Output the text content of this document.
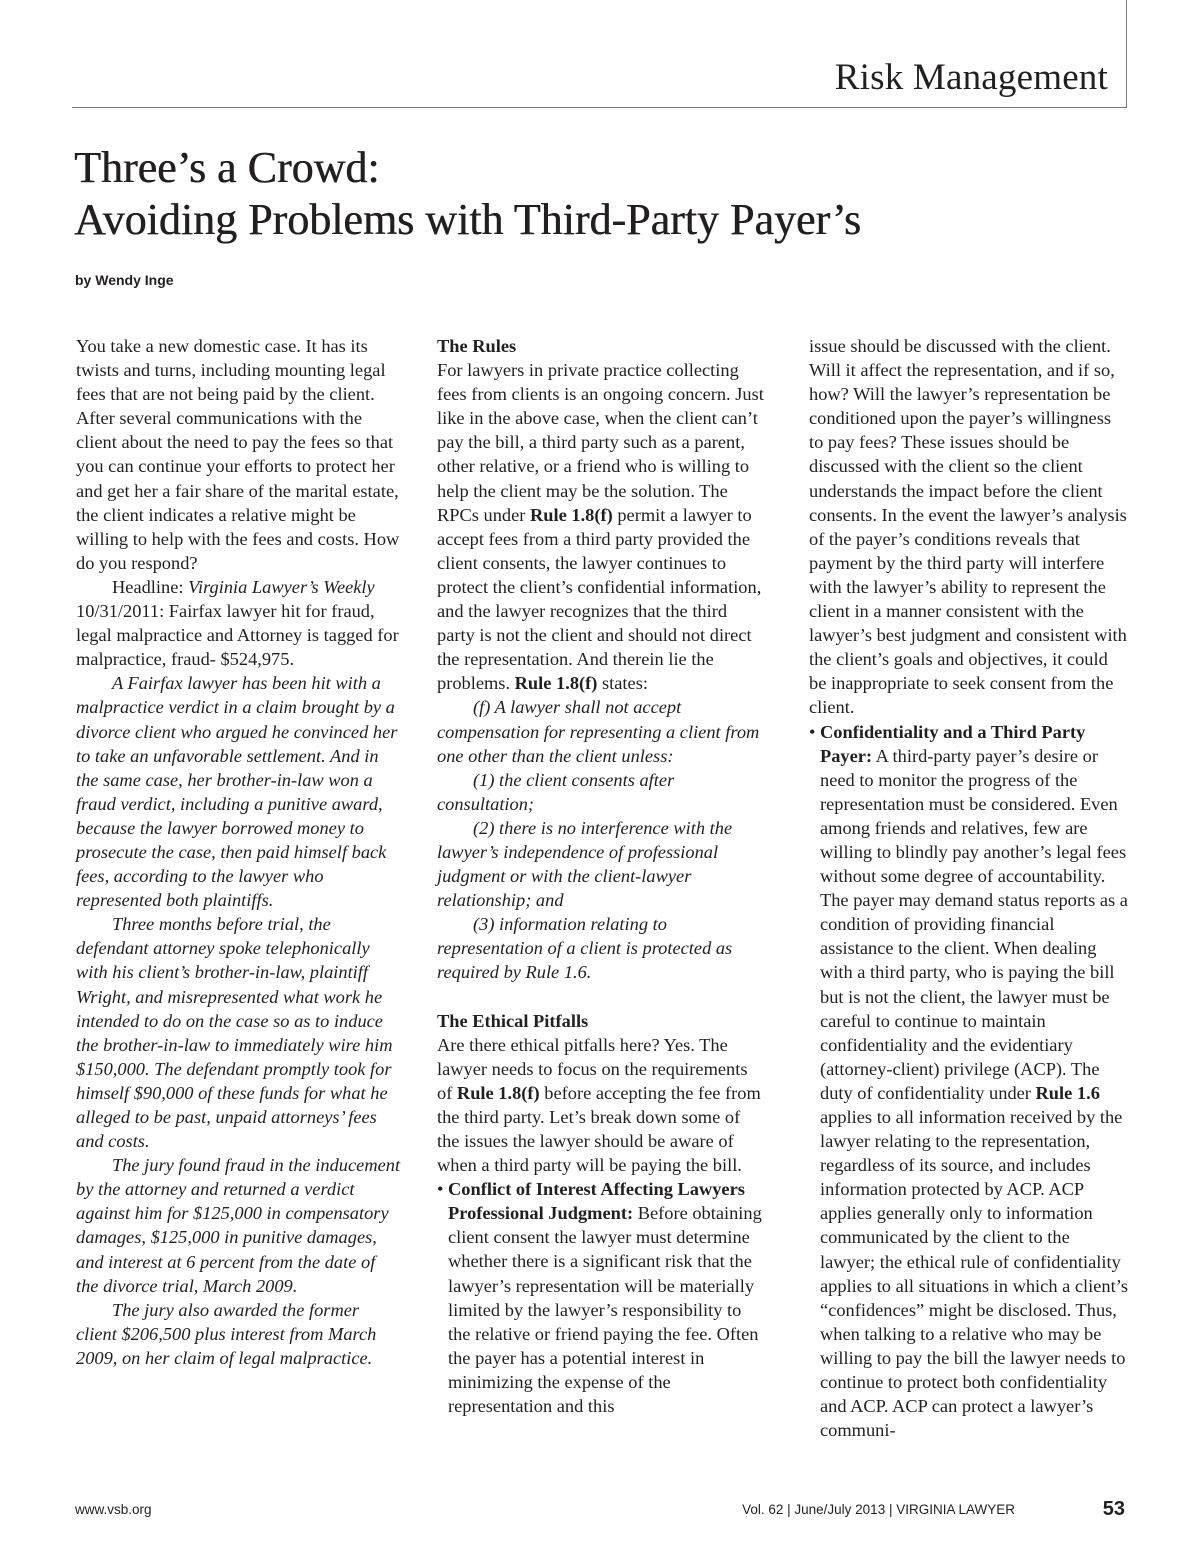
Risk Management
Three’s a Crowd:
Avoiding Problems with Third-Party Payer’s
by Wendy Inge

You take a new domestic case. It has its twists and turns, including mounting legal fees that are not being paid by the client. After several communications with the client about the need to pay the fees so that you can continue your efforts to protect her and get her a fair share of the marital estate, the client indicates a relative might be willing to help with the fees and costs. How do you respond?

Headline: Virginia Lawyer’s Weekly 10/31/2011: Fairfax lawyer hit for fraud, legal malpractice and Attorney is tagged for malpractice, fraud- $524,975.

A Fairfax lawyer has been hit with a malpractice verdict in a claim brought by a divorce client who argued he convinced her to take an unfavorable settlement. And in the same case, her brother-in-law won a fraud verdict, including a punitive award, because the lawyer borrowed money to prosecute the case, then paid himself back fees, according to the lawyer who represented both plaintiffs.

Three months before trial, the defendant attorney spoke telephonically with his client’s brother-in-law, plaintiff Wright, and misrepresented what work he intended to do on the case so as to induce the brother-in-law to immediately wire him $150,000. The defendant promptly took for himself $90,000 of these funds for what he alleged to be past, unpaid attorneys’ fees and costs.

The jury found fraud in the inducement by the attorney and returned a verdict against him for $125,000 in compensatory damages, $125,000 in punitive damages, and interest at 6 percent from the date of the divorce trial, March 2009.

The jury also awarded the former client $206,500 plus interest from March 2009, on her claim of legal malpractice.

The Rules

For lawyers in private practice collecting fees from clients is an ongoing concern. Just like in the above case, when the client can’t pay the bill, a third party such as a parent, other relative, or a friend who is willing to help the client may be the solution. The RPCs under Rule 1.8(f) permit a lawyer to accept fees from a third party provided the client consents, the lawyer continues to protect the client’s confidential information, and the lawyer recognizes that the third party is not the client and should not direct the representation. And therein lie the problems. Rule 1.8(f) states:

(f) A lawyer shall not accept compensation for representing a client from one other than the client unless:

(1) the client consents after consultation;

(2) there is no interference with the lawyer’s independence of professional judgment or with the client-lawyer relationship; and

(3) information relating to representation of a client is protected as required by Rule 1.6.

The Ethical Pitfalls

Are there ethical pitfalls here? Yes. The lawyer needs to focus on the requirements of Rule 1.8(f) before accepting the fee from the third party. Let’s break down some of the issues the lawyer should be aware of when a third party will be paying the bill.

• Conflict of Interest Affecting Lawyers Professional Judgment: Before obtaining client consent the lawyer must determine whether there is a significant risk that the lawyer’s representation will be materially limited by the lawyer’s responsibility to the relative or friend paying the fee. Often the payer has a potential interest in minimizing the expense of the representation and this

issue should be discussed with the client. Will it affect the representation, and if so, how? Will the lawyer’s representation be conditioned upon the payer’s willingness to pay fees? These issues should be discussed with the client so the client understands the impact before the client consents. In the event the lawyer’s analysis of the payer’s conditions reveals that payment by the third party will interfere with the lawyer’s ability to represent the client in a manner consistent with the lawyer’s best judgment and consistent with the client’s goals and objectives, it could be inappropriate to seek consent from the client.

• Confidentiality and a Third Party Payer: A third-party payer’s desire or need to monitor the progress of the representation must be considered. Even among friends and relatives, few are willing to blindly pay another’s legal fees without some degree of accountability. The payer may demand status reports as a condition of providing financial assistance to the client. When dealing with a third party, who is paying the bill but is not the client, the lawyer must be careful to continue to maintain confidentiality and the evidentiary (attorney-client) privilege (ACP). The duty of confidentiality under Rule 1.6 applies to all information received by the lawyer relating to the representation, regardless of its source, and includes information protected by ACP. ACP applies generally only to information communicated by the client to the lawyer; the ethical rule of confidentiality applies to all situations in which a client’s “confidences” might be disclosed. Thus, when talking to a relative who may be willing to pay the bill the lawyer needs to continue to protect both confidentiality and ACP. ACP can protect a lawyer’s communi-
www.vsb.org	Vol. 62 | June/July 2013 | VIRGINIA LAWYER	53
